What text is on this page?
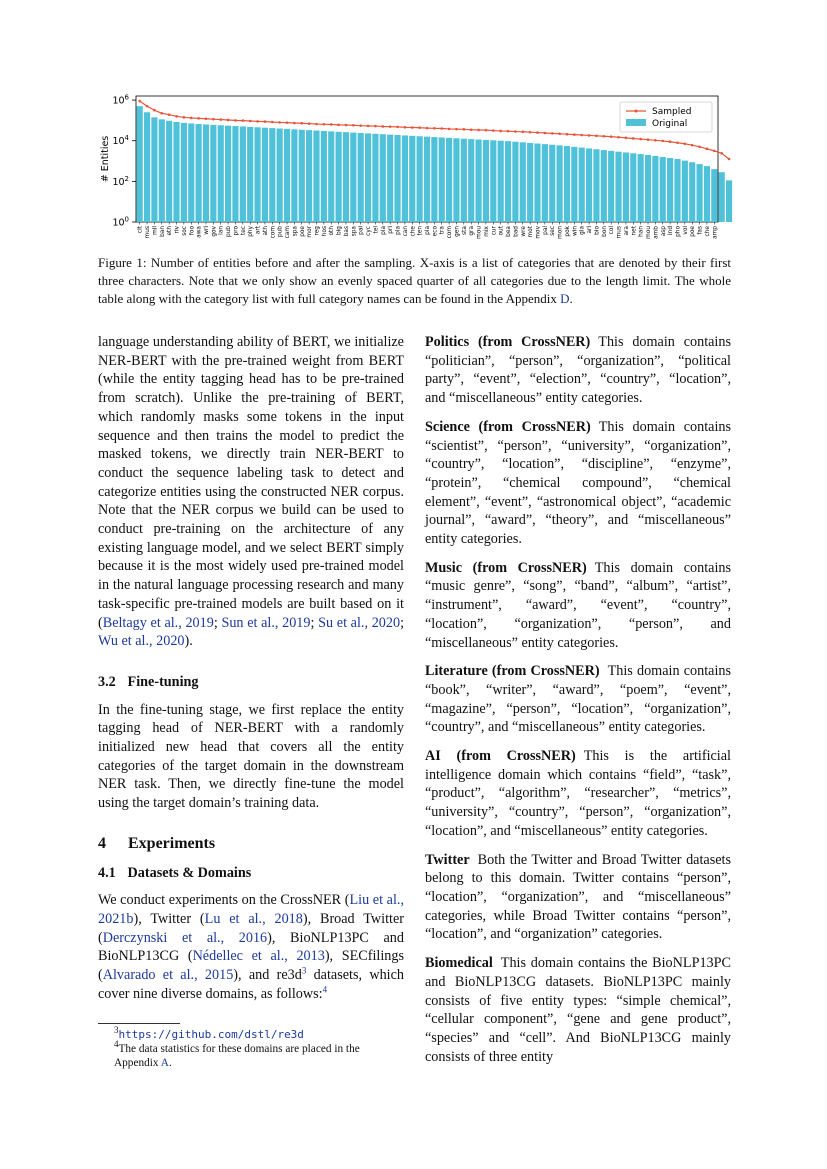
$10^0$
$10^2$
$10^4$
$10^6$
# Entities
cit mus mil ban eth riv soc foo awa wri gov lan pub pro tec phy art ath com pub cam spa poe mor reg hos oth big bas spa pai cyc tel pla pri pla can che ten pla eco tra com gen sta gra mou mix cur out bea bad wre mot mov pal sec mon pok win gla ari bio bon col mus ara net han mou amb asp ind pho vol poe fas che amp
Sampled
Original
Figure 1: Number of entities before and after the sampling. X-axis is a list of categories that are denoted by their first three characters. Note that we only show an evenly spaced quarter of all categories due to the length limit. The whole table along with the category list with full category names can be found in the Appendix D.

language understanding ability of BERT, we initialize NER-BERT with the pre-trained weight from BERT (while the entity tagging head has to be pre-trained from scratch). Unlike the pre-training of BERT, which randomly masks some tokens in the input sequence and then trains the model to predict the masked tokens, we directly train NER-BERT to conduct the sequence labeling task to detect and categorize entities using the constructed NER corpus. Note that the NER corpus we build can be used to conduct pre-training on the architecture of any existing language model, and we select BERT simply because it is the most widely used pre-trained model in the natural language processing research and many task-specific pre-trained models are built based on it (Beltagy et al., 2019; Sun et al., 2019; Su et al., 2020; Wu et al., 2020).

3.2 Fine-tuning

In the fine-tuning stage, we first replace the entity tagging head of NER-BERT with a randomly initialized new head that covers all the entity categories of the target domain in the downstream NER task. Then, we directly fine-tune the model using the target domain’s training data.

4 Experiments
4.1 Datasets & Domains

We conduct experiments on the CrossNER (Liu et al., 2021b), Twitter (Lu et al., 2018), Broad Twitter (Derczynski et al., 2016), BioNLP13PC and BioNLP13CG (Nédellec et al., 2013), SECfilings (Alvarado et al., 2015), and $re3d^3$ datasets, which cover nine diverse domains, as follows:$^4$

$^3$https://github.com/dstl/re3d
$^4$The data statistics for these domains are placed in the Appendix A.

Politics (from CrossNER) This domain contains “politician”, “person”, “organization”, “political party”, “event”, “election”, “country”, “location”, and “miscellaneous” entity categories.

Science (from CrossNER) This domain contains “scientist”, “person”, “university”, “organization”, “country”, “location”, “discipline”, “enzyme”, “protein”, “chemical compound”, “chemical element”, “event”, “astronomical object”, “academic journal”, “award”, “theory”, and “miscellaneous” entity categories.

Music (from CrossNER) This domain contains “music genre”, “song”, “band”, “album”, “artist”, “instrument”, “award”, “event”, “country”, “location”, “organization”, “person”, and “miscellaneous” entity categories.

Literature (from CrossNER) This domain contains “book”, “writer”, “award”, “poem”, “event”, “magazine”, “person”, “location”, “organization”, “country”, and “miscellaneous” entity categories.

AI (from CrossNER) This is the artificial intelligence domain which contains “field”, “task”, “product”, “algorithm”, “researcher”, “metrics”, “university”, “country”, “person”, “organization”, “location”, and “miscellaneous” entity categories.

Twitter Both the Twitter and Broad Twitter datasets belong to this domain. Twitter contains “person”, “location”, “organization”, and “miscellaneous” categories, while Broad Twitter contains “person”, “location”, and “organization” categories.

Biomedical This domain contains the BioNLP13PC and BioNLP13CG datasets. BioNLP13PC mainly consists of five entity types: “simple chemical”, “cellular component”, “gene and gene product”, “species” and “cell”. And BioNLP13CG mainly consists of three entity
